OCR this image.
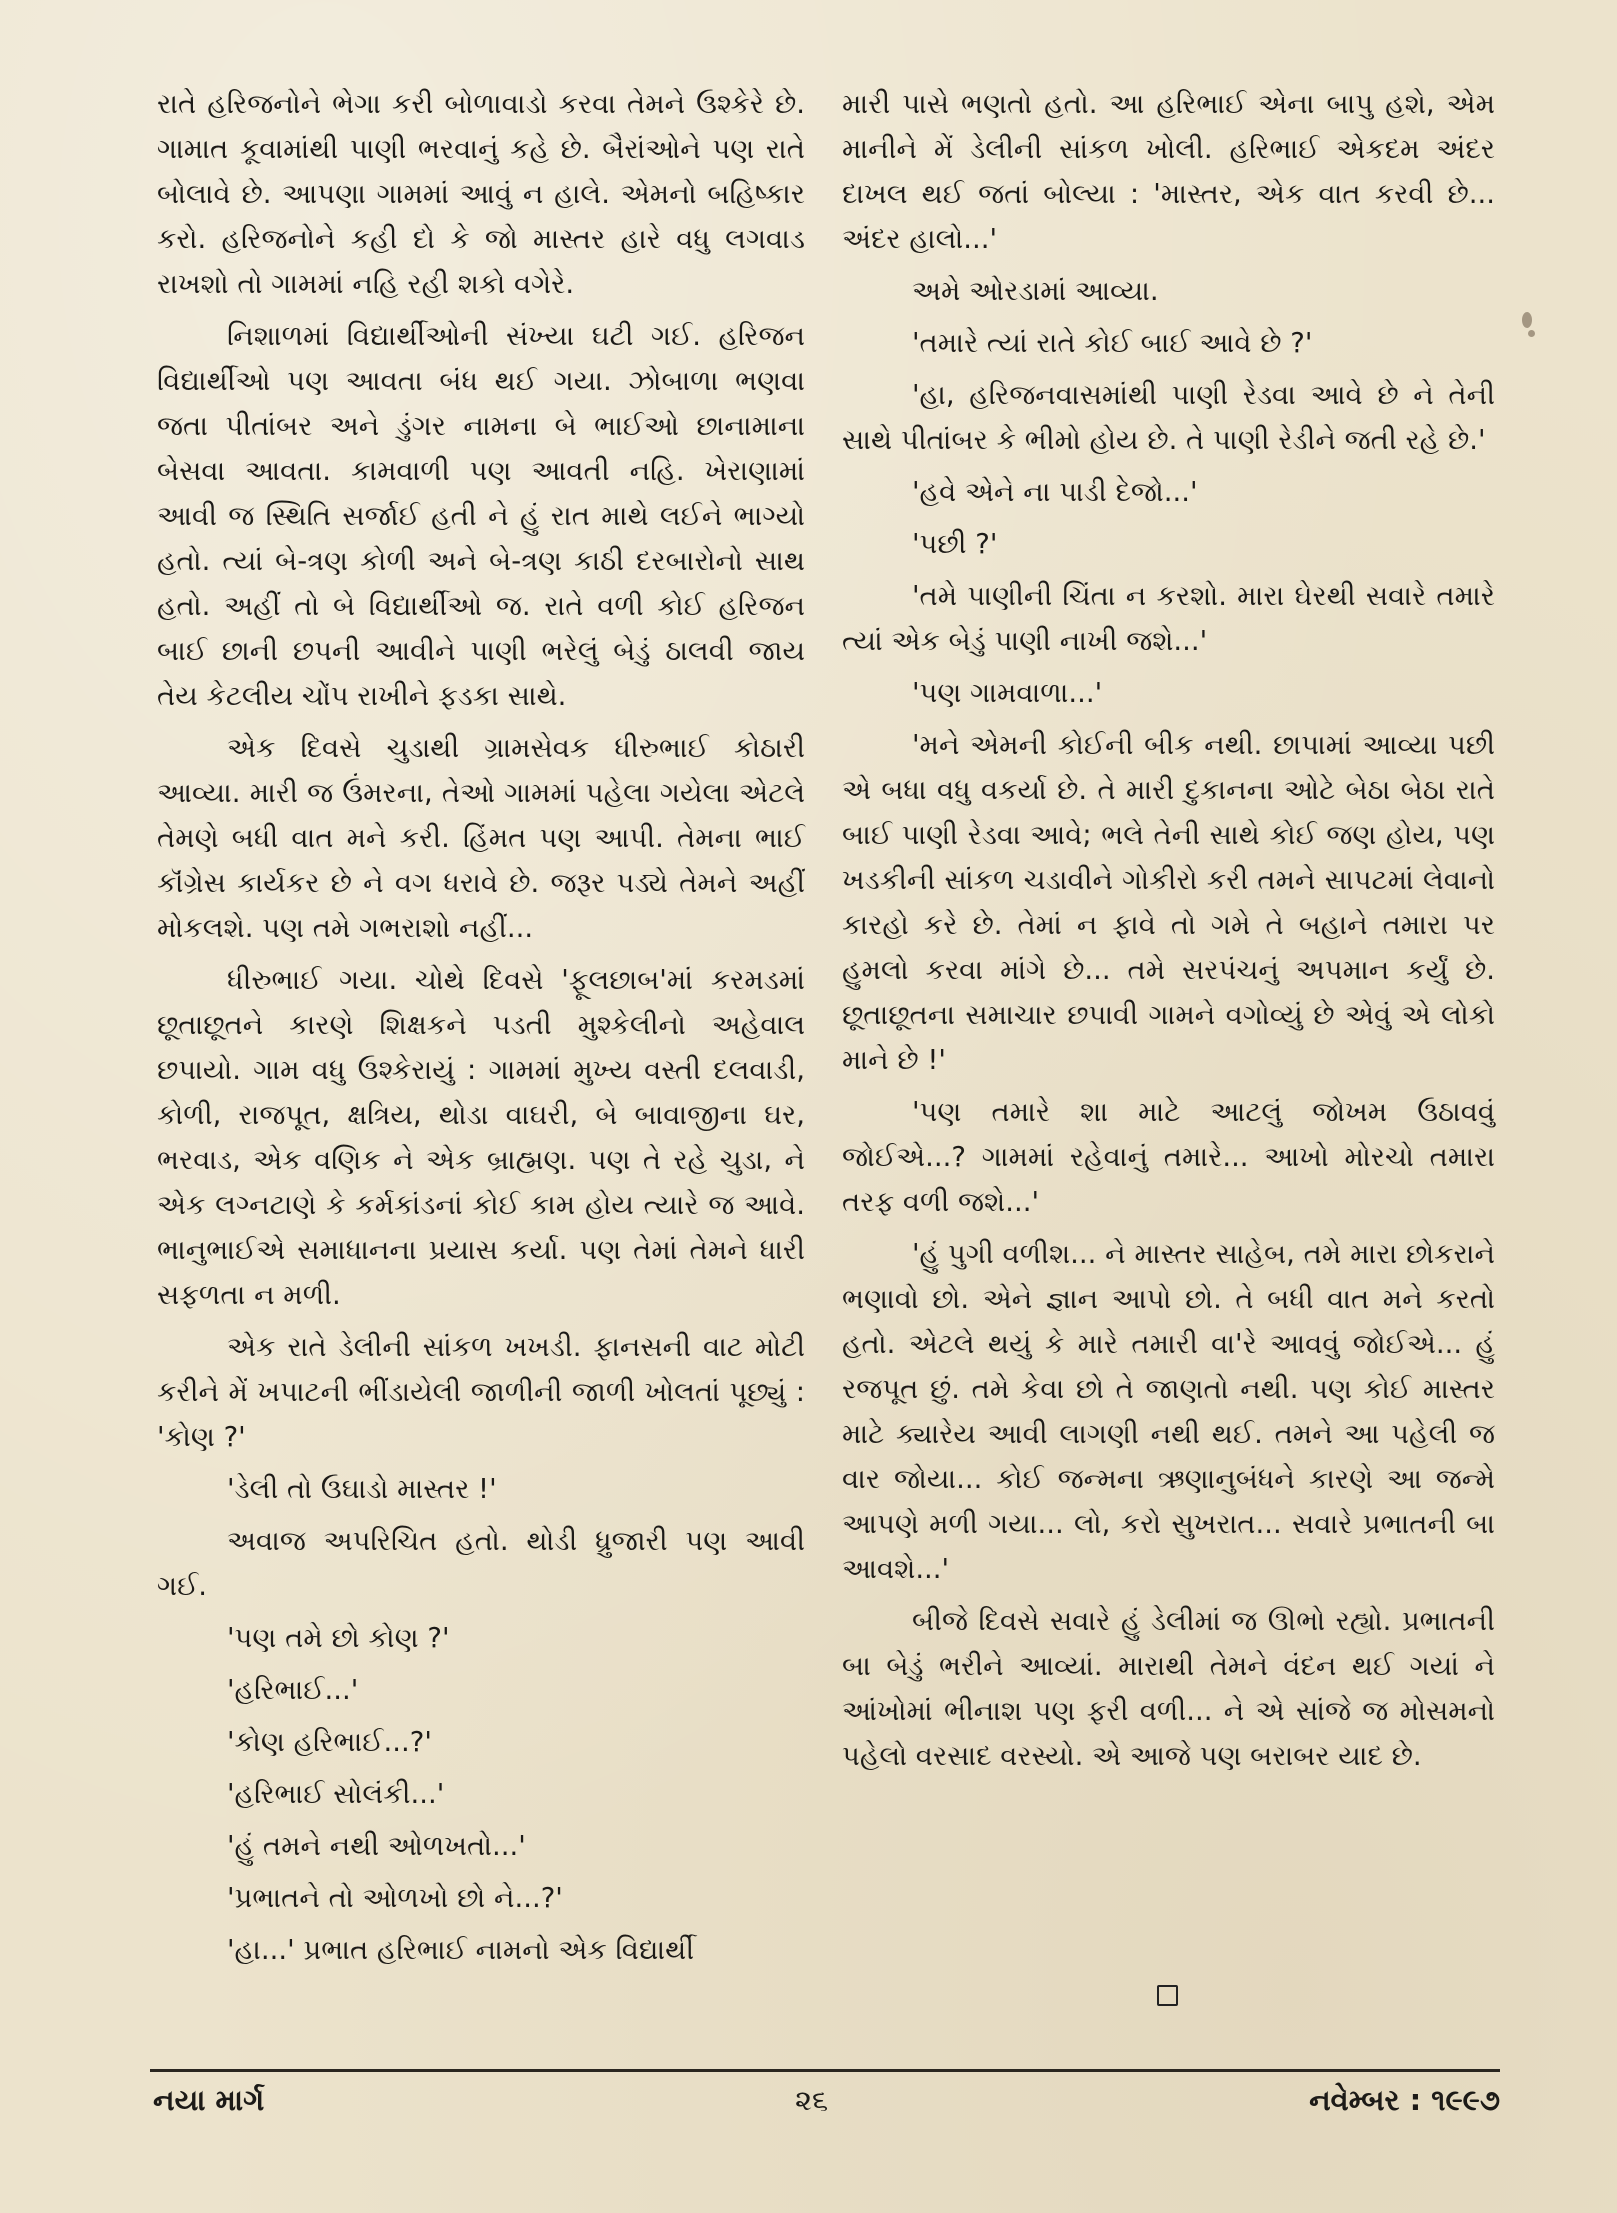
રાતે હરિજનોને ભેગા કરી બોળાવાડો કરવા તેમને ઉશ્કેરે છે. ગામાત કૂવામાંથી પાણી ભરવાનું કહે છે. બૈરાંઓને પણ રાતે બોલાવે છે. આપણા ગામમાં આવું ન હાલે. એમનો બહિષ્કાર કરો. હરિજનોને કહી દો કે જો માસ્તર હારે વધુ લગવાડ રાખશો તો ગામમાં નહિ રહી શકો વગેરે.

નિશાળમાં વિદ્યાર્થીઓની સંખ્યા ઘટી ગઈ. હરિજન વિદ્યાર્થીઓ પણ આવતા બંધ થઈ ગયા. ઝોબાળા ભણવા જતા પીતાંબર અને ડુંગર નામના બે ભાઈઓ છાનામાના બેસવા આવતા. કામવાળી પણ આવતી નહિ. ખેરાણામાં આવી જ સ્થિતિ સર્જાઈ હતી ને હું રાત માથે લઈને ભાગ્યો હતો. ત્યાં બે-ત્રણ કોળી અને બે-ત્રણ કાઠી દરબારોનો સાથ હતો. અહીં તો બે વિદ્યાર્થીઓ જ. રાતે વળી કોઈ હરિજન બાઈ છાની છપની આવીને પાણી ભરેલું બેડું ઠાલવી જાય તેય કેટલીય ચોંપ રાખીને ફડકા સાથે.

એક દિવસે ચુડાથી ગ્રામસેવક ધીરુભાઈ કોઠારી આવ્યા. મારી જ ઉંમરના, તેઓ ગામમાં પહેલા ગયેલા એટલે તેમણે બધી વાત મને કરી. હિંમત પણ આપી. તેમના ભાઈ કૉંગ્રેસ કાર્યકર છે ને વગ ધરાવે છે. જરૂર પડ્યે તેમને અહીં મોકલશે. પણ તમે ગભરાશો નહીં...

ધીરુભાઈ ગયા. ચોથે દિવસે 'ફૂલછાબ'માં કરમડમાં છૂતાછૂતને કારણે શિક્ષકને પડતી મુશ્કેલીનો અહેવાલ છપાયો. ગામ વધુ ઉશ્કેરાયું : ગામમાં મુખ્ય વસ્તી દલવાડી, કોળી, રાજપૂત, ક્ષત્રિય, થોડા વાઘરી, બે બાવાજીના ઘર, ભરવાડ, એક વણિક ને એક બ્રાહ્મણ. પણ તે રહે ચુડા, ને એક લગ્નટાણે કે કર્મકાંડનાં કોઈ કામ હોય ત્યારે જ આવે. ભાનુભાઈએ સમાધાનના પ્રયાસ કર્યા. પણ તેમાં તેમને ધારી સફળતા ન મળી.

એક રાતે ડેલીની સાંકળ ખખડી. ફાનસની વાટ મોટી કરીને મેં ખપાટની ભીંડાયેલી જાળીની જાળી ખોલતાં પૂછ્યું : 'કોણ ?'

'ડેલી તો ઉઘાડો માસ્તર !'

અવાજ અપરિચિત હતો. થોડી ધ્રુજારી પણ આવી ગઈ.

'પણ તમે છો કોણ ?'

'હરિભાઈ...'

'કોણ હરિભાઈ...?'

'હરિભાઈ સોલંકી...'

'હું તમને નથી ઓળખતો...'

'પ્રભાતને તો ઓળખો છો ને...?'

'હા...' પ્રભાત હરિભાઈ નામનો એક વિદ્યાર્થી

મારી પાસે ભણતો હતો. આ હરિભાઈ એના બાપુ હશે, એમ માનીને મેં ડેલીની સાંકળ ખોલી. હરિભાઈ એકદમ અંદર દાખલ થઈ જતાં બોલ્યા : 'માસ્તર, એક વાત કરવી છે... અંદર હાલો...'

અમે ઓરડામાં આવ્યા.

'તમારે ત્યાં રાતે કોઈ બાઈ આવે છે ?'

'હા, હરિજનવાસમાંથી પાણી રેડવા આવે છે ને તેની સાથે પીતાંબર કે ભીમો હોય છે. તે પાણી રેડીને જતી રહે છે.'

'હવે એને ના પાડી દેજો...'

'પછી ?'

'તમે પાણીની ચિંતા ન કરશો. મારા ઘેરથી સવારે તમારે ત્યાં એક બેડું પાણી નાખી જશે...'

'પણ ગામવાળા...'

'મને એમની કોઈની બીક નથી. છાપામાં આવ્યા પછી એ બધા વધુ વકર્યા છે. તે મારી દુકાનના ઓટે બેઠા બેઠા રાતે બાઈ પાણી રેડવા આવે; ભલે તેની સાથે કોઈ જણ હોય, પણ ખડકીની સાંકળ ચડાવીને ગોકીરો કરી તમને સાપટમાં લેવાનો કારહો કરે છે. તેમાં ન ફાવે તો ગમે તે બહાને તમારા પર હુમલો કરવા માંગે છે... તમે સરપંચનું અપમાન કર્યું છે. છૂતાછૂતના સમાચાર છપાવી ગામને વગોવ્યું છે એવું એ લોકો માને છે !'

'પણ તમારે શા માટે આટલું જોખમ ઉઠાવવું જોઈએ...? ગામમાં રહેવાનું તમારે... આખો મોરચો તમારા તરફ વળી જશે...'

'હું પુગી વળીશ... ને માસ્તર સાહેબ, તમે મારા છોકરાને ભણાવો છો. એને જ્ઞાન આપો છો. તે બધી વાત મને કરતો હતો. એટલે થયું કે મારે તમારી વા'રે આવવું જોઈએ... હું રજપૂત છું. તમે કેવા છો તે જાણતો નથી. પણ કોઈ માસ્તર માટે ક્યારેય આવી લાગણી નથી થઈ. તમને આ પહેલી જ વાર જોયા... કોઈ જન્મના ઋણાનુબંધને કારણે આ જન્મે આપણે મળી ગયા... લો, કરો સુખરાત... સવારે પ્રભાતની બા આવશે...'

બીજે દિવસે સવારે હું ડેલીમાં જ ઊભો રહ્યો. પ્રભાતની બા બેડું ભરીને આવ્યાં. મારાથી તેમને વંદન થઈ ગયાં ને આંખોમાં ભીનાશ પણ ફરી વળી... ને એ સાંજે જ મોસમનો પહેલો વરસાદ વરસ્યો. એ આજે પણ બરાબર યાદ છે.

નયા માર્ગ	૨૬	નવેમ્બર : ૧૯૯૭
